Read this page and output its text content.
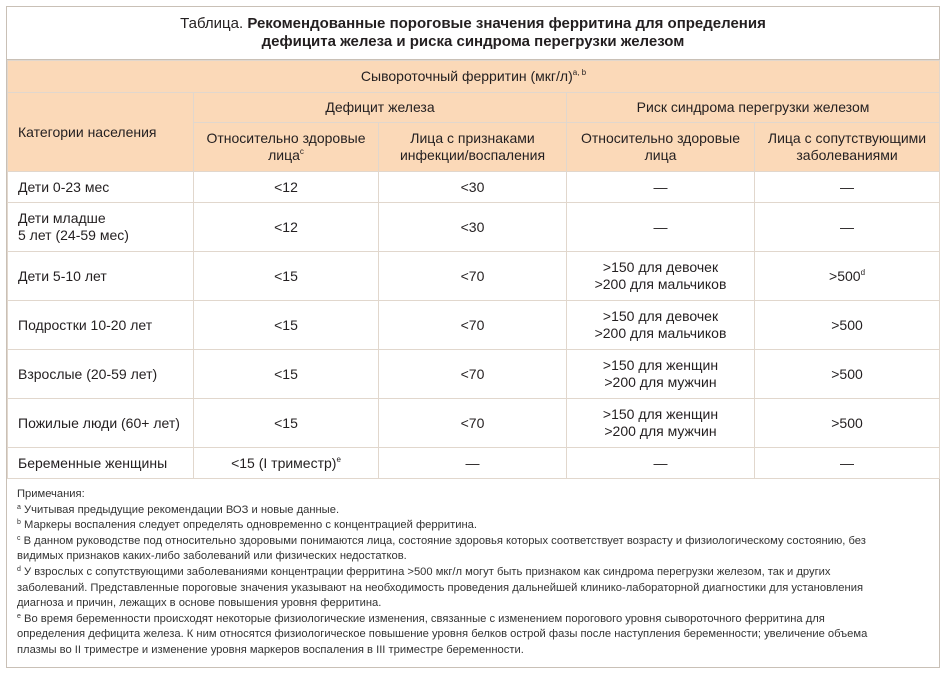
Таблица. Рекомендованные пороговые значения ферритина для определения
дефицита железа и риска синдрома перегрузки железом
Сывороточный ферритин $(мкг/л)^{a, b}$
Категории населения	Дефицит железа		Риск синдрома перегрузки железом	
	Относительно здоровые
лица$^c$	Лица с признаками
инфекции/воспаления	Относительно здоровые
лица	Лица с сопутствующими
заболеваниями
Дети 0-23 мес	<12	<30	—	—
Дети младше
5 лет (24-59 мес)	<12	<30	—	—
Дети 5-10 лет	<15	<70	>150 для девочек
>200 для мальчиков	$>500^d$
Подростки 10-20 лет	<15	<70	>150 для девочек
>200 для мальчиков	>500
Взрослые (20-59 лет)	<15	<70	>150 для женщин
>200 для мужчин	>500
Пожилые люди (60+ лет)	<15	<70	>150 для женщин
>200 для мужчин	>500
Беременные женщины	<15 (I триместр)$^e$	—	—	—
Примечания:
$^a$ Учитывая предыдущие рекомендации ВОЗ и новые данные.
$^b$ Маркеры воспаления следует определять одновременно с концентрацией ферритина.
$^c$ В данном руководстве под относительно здоровыми понимаются лица, состояние здоровья которых соответствует возрасту и физиологическому состоянию, без
видимых признаков каких-либо заболеваний или физических недостатков.
$^d$ У взрослых с сопутствующими заболеваниями концентрации ферритина >500 мкг/л могут быть признаком как синдрома перегрузки железом, так и других
заболеваний. Представленные пороговые значения указывают на необходимость проведения дальнейшей клинико-лабораторной диагностики для установления
диагноза и причин, лежащих в основе повышения уровня ферритина.
$^e$ Во время беременности происходят некоторые физиологические изменения, связанные с изменением порогового уровня сывороточного ферритина для
определения дефицита железа. К ним относятся физиологическое повышение уровня белков острой фазы после наступления беременности; увеличение объема
плазмы во II триместре и изменение уровня маркеров воспаления в III триместре беременности.
